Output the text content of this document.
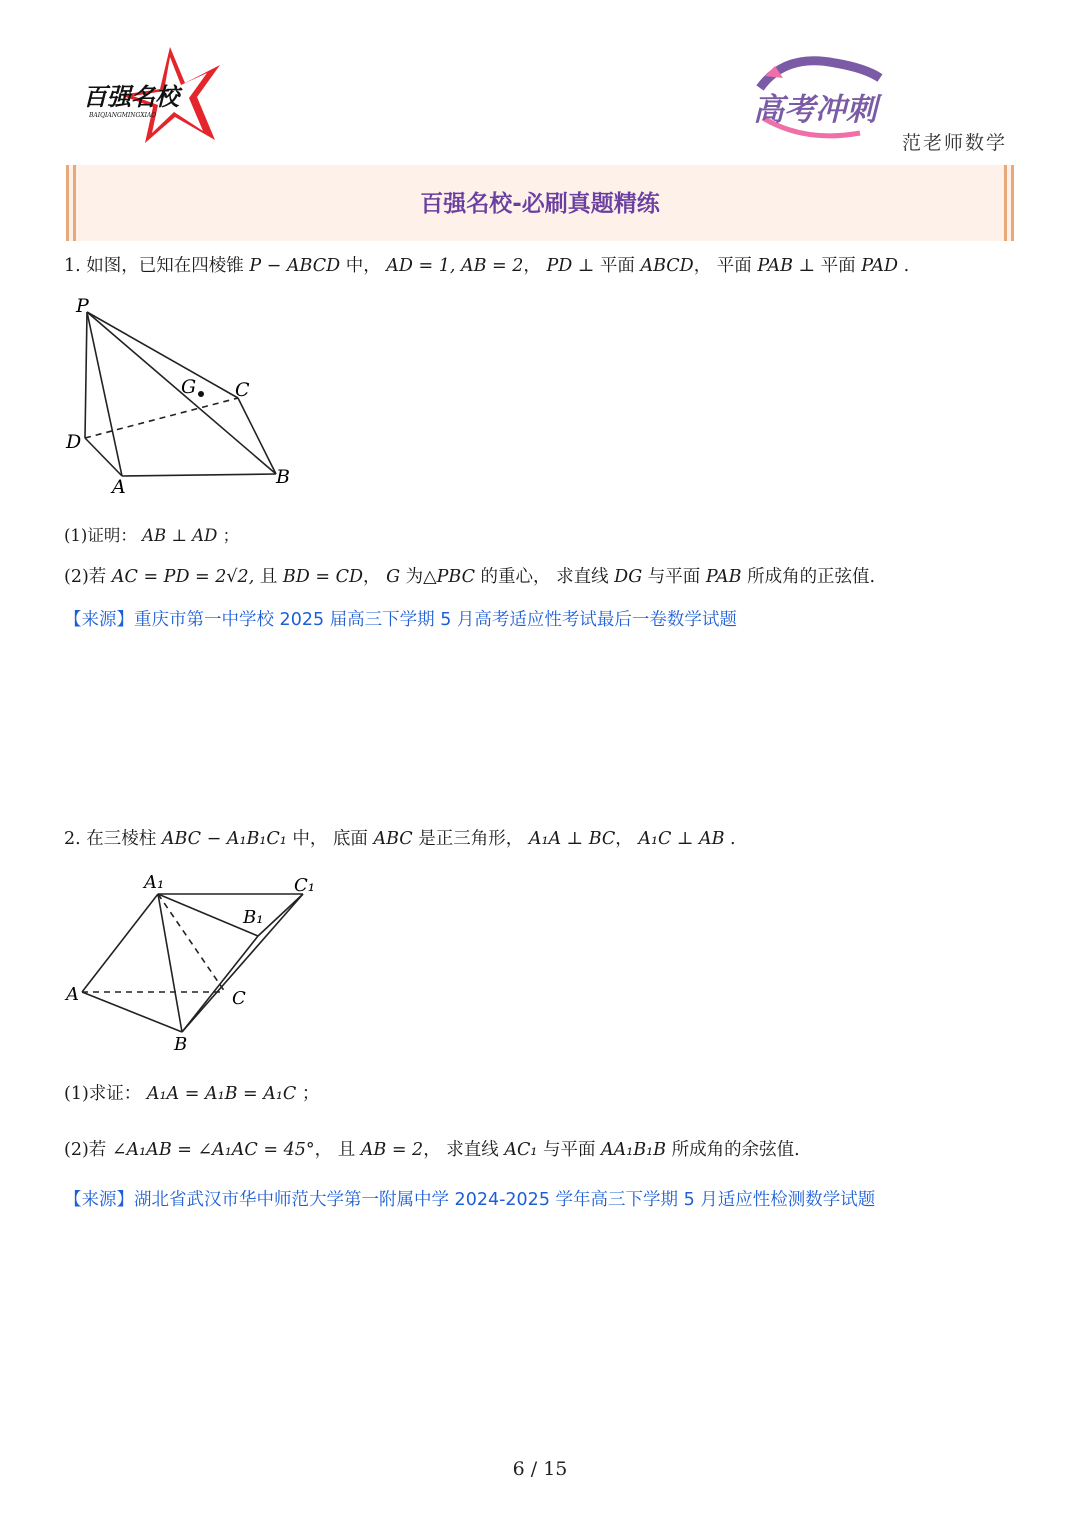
百强名校
BAIQIANGMINGXIAO	高考冲刺
范老师数学
百强名校-必刷真题精练
1. 如图，已知在四棱锥 P − ABCD 中， AD = 1, AB = 2， PD ⊥ 平面 ABCD， 平面 PAB ⊥ 平面 PAD .
P
G C
D
A	B
(1)证明： AB ⊥ AD ；
(2)若 AC = PD = 2√2, 且 BD = CD， G 为△PBC 的重心， 求直线 DG 与平面 PAB 所成角的正弦值.
【来源】重庆市第一中学校 2025 届高三下学期 5 月高考适应性考试最后一卷数学试题
2. 在三棱柱 ABC − A₁B₁C₁ 中， 底面 ABC 是正三角形， A₁A ⊥ BC， A₁C ⊥ AB .
A₁	C₁
B₁
A	C
B
(1)求证： A₁A = A₁B = A₁C ；
(2)若 ∠A₁AB = ∠A₁AC = 45°， 且 AB = 2， 求直线 AC₁ 与平面 AA₁B₁B 所成角的余弦值.
【来源】湖北省武汉市华中师范大学第一附属中学 2024-2025 学年高三下学期 5 月适应性检测数学试题
6 / 15
